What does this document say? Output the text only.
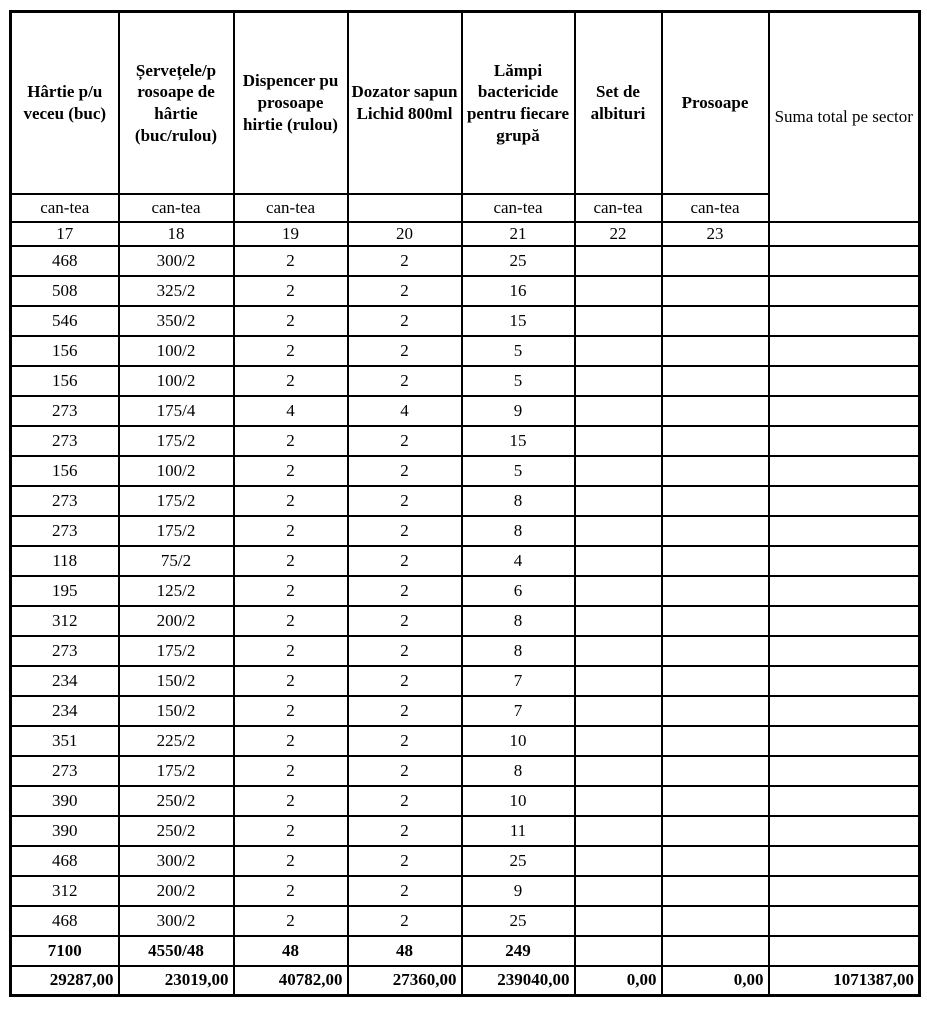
Hârtie p/u veceu (buc)	Șervețele/p rosoape de hârtie (buc/rulou)	Dispencer pu prosoape hirtie (rulou)	Dozator sapun Lichid 800ml	Lămpi bactericide pentru fiecare grupă	Set de albituri	Prosoape	Suma total pe sector
can-tea	can-tea	can-tea		can-tea	can-tea	can-tea	
17	18	19	20	21	22	23	
468	300/2	2	2	25			
508	325/2	2	2	16			
546	350/2	2	2	15			
156	100/2	2	2	5			
156	100/2	2	2	5			
273	175/4	4	4	9			
273	175/2	2	2	15			
156	100/2	2	2	5			
273	175/2	2	2	8			
273	175/2	2	2	8			
118	75/2	2	2	4			
195	125/2	2	2	6			
312	200/2	2	2	8			
273	175/2	2	2	8			
234	150/2	2	2	7			
234	150/2	2	2	7			
351	225/2	2	2	10			
273	175/2	2	2	8			
390	250/2	2	2	10			
390	250/2	2	2	11			
468	300/2	2	2	25			
312	200/2	2	2	9			
468	300/2	2	2	25			
7100	4550/48	48	48	249			
29287,00	23019,00	40782,00	27360,00	239040,00	0,00	0,00	1071387,00
